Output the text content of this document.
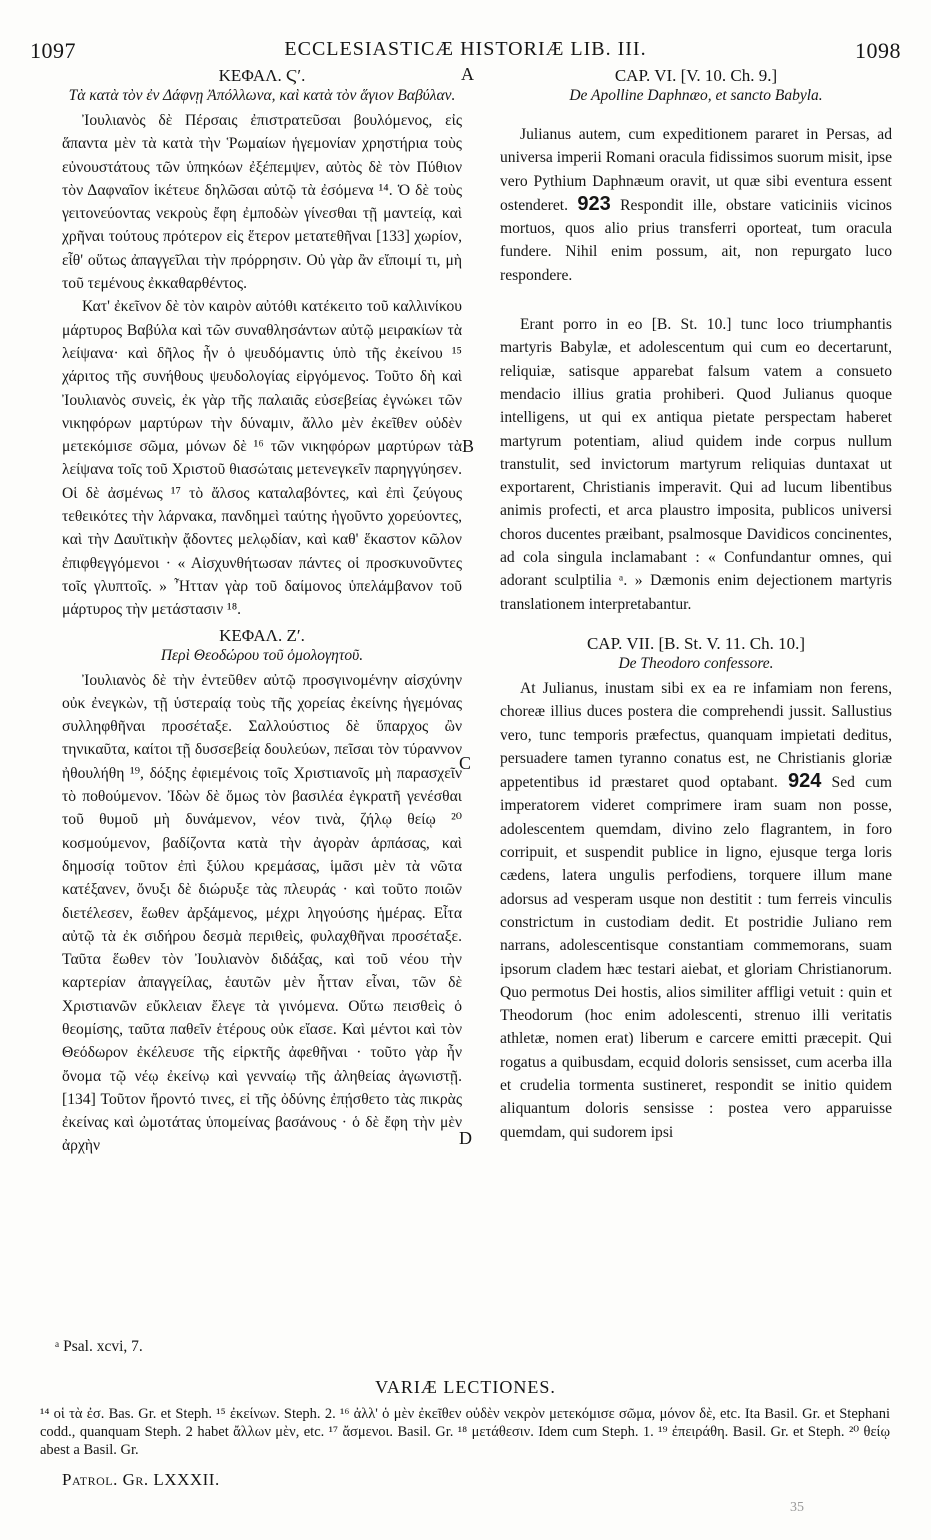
1097	ECCLESIASTICÆ HISTORIÆ LIB. III.	1098
A
B
C
D

ΚΕΦΑΛ. Ϛʹ.

Τὰ κατὰ τὸν ἐν Δάφνῃ Ἀπόλλωνα, καὶ κατὰ τὸν ἅγιον Βαβύλαν.

Ἰουλιανὸς δὲ Πέρσαις ἐπιστρατεῦσαι βουλόμενος, εἰς ἅπαντα μὲν τὰ κατὰ τὴν Ῥωμαίων ἡγεμονίαν χρηστήρια τοὺς εὐνουστάτους τῶν ὑπηκόων ἐξέπεμψεν, αὐτὸς δὲ τὸν Πύθιον τὸν Δαφναῖον ἱκέτευε δηλῶσαι αὐτῷ τὰ ἐσόμενα ¹⁴. Ὁ δὲ τοὺς γειτονεύοντας νεκροὺς ἔφη ἐμποδὼν γίνεσθαι τῇ μαντείᾳ, καὶ χρῆναι τούτους πρότερον εἰς ἕτερον μετατεθῆναι [133] χωρίον, εἶθ' οὕτως ἀπαγγεῖλαι τὴν πρόρρησιν. Οὐ γὰρ ἂν εἴποιμί τι, μὴ τοῦ τεμένους ἐκκαθαρθέντος.

Κατ' ἐκεῖνον δὲ τὸν καιρὸν αὐτόθι κατέκειτο τοῦ καλλινίκου μάρτυρος Βαβύλα καὶ τῶν συναθλησάντων αὐτῷ μειρακίων τὰ λείψανα· καὶ δῆλος ἦν ὁ ψευδόμαντις ὑπὸ τῆς ἐκείνου ¹⁵ χάριτος τῆς συνήθους ψευδολογίας εἰργόμενος. Τοῦτο δὴ καὶ Ἰουλιανὸς συνεὶς, ἐκ γὰρ τῆς παλαιᾶς εὐσεβείας ἐγνώκει τῶν νικηφόρων μαρτύρων τὴν δύναμιν, ἄλλο μὲν ἐκεῖθεν οὐδὲν μετεκόμισε σῶμα, μόνων δὲ ¹⁶ τῶν νικηφόρων μαρτύρων τὰ λείψανα τοῖς τοῦ Χριστοῦ θιασώταις μετενεγκεῖν παρηγγύησεν. Οἱ δὲ ἀσμένως ¹⁷ τὸ ἄλσος καταλαβόντες, καὶ ἐπὶ ζεύγους τεθεικότες τὴν λάρνακα, πανδημεὶ ταύτης ἡγοῦντο χορεύοντες, καὶ τὴν Δαυϊτικὴν ᾄδοντες μελῳδίαν, καὶ καθ' ἕκαστον κῶλον ἐπιφθεγγόμενοι · « Αἰσχυνθήτωσαν πάντες οἱ προσκυνοῦντες τοῖς γλυπτοῖς. » Ἦτταν γὰρ τοῦ δαίμονος ὑπελάμβανον τοῦ μάρτυρος τὴν μετάστασιν ¹⁸.

ΚΕΦΑΛ. Ζʹ.

Περὶ Θεοδώρου τοῦ ὁμολογητοῦ.

Ἰουλιανὸς δὲ τὴν ἐντεῦθεν αὐτῷ προσγινομένην αἰσχύνην οὐκ ἐνεγκὼν, τῇ ὑστεραίᾳ τοὺς τῆς χορείας ἐκείνης ἡγεμόνας συλληφθῆναι προσέταξε. Σαλλούστιος δὲ ὕπαρχος ὢν τηνικαῦτα, καίτοι τῇ δυσσεβείᾳ δουλεύων, πεῖσαι τὸν τύραννον ἠθουλήθη ¹⁹, δόξης ἐφιεμένοις τοῖς Χριστιανοῖς μὴ παρασχεῖν τὸ ποθούμενον. Ἰδὼν δὲ ὅμως τὸν βασιλέα ἐγκρατῆ γενέσθαι τοῦ θυμοῦ μὴ δυνάμενον, νέον τινὰ, ζήλῳ θείῳ ²⁰ κοσμούμενον, βαδίζοντα κατὰ τὴν ἀγορὰν ἁρπάσας, καὶ δημοσίᾳ τοῦτον ἐπὶ ξύλου κρεμάσας, ἱμᾶσι μὲν τὰ νῶτα κατέξανεν, ὄνυξι δὲ διώρυξε τὰς πλευράς · καὶ τοῦτο ποιῶν διετέλεσεν, ἕωθεν ἀρξάμενος, μέχρι ληγούσης ἡμέρας. Εἶτα αὐτῷ τὰ ἐκ σιδήρου δεσμὰ περιθεὶς, φυλαχθῆναι προσέταξε. Ταῦτα ἕωθεν τὸν Ἰουλιανὸν διδάξας, καὶ τοῦ νέου τὴν καρτερίαν ἀπαγγείλας, ἑαυτῶν μὲν ἧτταν εἶναι, τῶν δὲ Χριστιανῶν εὔκλειαν ἔλεγε τὰ γινόμενα. Οὕτω πεισθεὶς ὁ θεομίσης, ταῦτα παθεῖν ἑτέρους οὐκ εἴασε. Καὶ μέντοι καὶ τὸν Θεόδωρον ἐκέλευσε τῆς εἱρκτῆς ἀφεθῆναι · τοῦτο γὰρ ἦν ὄνομα τῷ νέῳ ἐκείνῳ καὶ γενναίῳ τῆς ἀληθείας ἀγωνιστῇ. [134] Τοῦτον ἤροντό τινες, εἰ τῆς ὀδύνης ἐπῄσθετο τὰς πικρὰς ἐκείνας καὶ ὠμοτάτας ὑπομείνας βασάνους · ὁ δὲ ἔφη τὴν μὲν ἀρχὴν

CAP. VI. [V. 10. Ch. 9.]

De Apolline Daphnæo, et sancto Babyla.

Julianus autem, cum expeditionem pararet in Persas, ad universa imperii Romani oracula fidissimos suorum misit, ipse vero Pythium Daphnæum oravit, ut quæ sibi eventura essent ostenderet. 923 Respondit ille, obstare vaticiniis vicinos mortuos, quos alio prius transferri oporteat, tum oracula fundere. Nihil enim possum, ait, non repurgato luco respondere.

Erant porro in eo [B. St. 10.] tunc loco triumphantis martyris Babylæ, et adolescentum qui cum eo decertarunt, reliquiæ, satisque apparebat falsum vatem a consueto mendacio illius gratia prohiberi. Quod Julianus quoque intelligens, ut qui ex antiqua pietate perspectam haberet martyrum potentiam, aliud quidem inde corpus nullum transtulit, sed invictorum martyrum reliquias duntaxat ut exportarent, Christianis imperavit. Qui ad lucum libentibus animis profecti, et arca plaustro imposita, publicos universi choros ducentes præibant, psalmosque Davidicos concinentes, ad cola singula inclamabant : « Confundantur omnes, qui adorant sculptilia ᵃ. » Dæmonis enim dejectionem martyris translationem interpretabantur.

CAP. VII. [B. St. V. 11. Ch. 10.]

De Theodoro confessore.

At Julianus, inustam sibi ex ea re infamiam non ferens, choreæ illius duces postera die comprehendi jussit. Sallustius vero, tunc temporis præfectus, quanquam impietati deditus, persuadere tamen tyranno conatus est, ne Christianis gloriæ appetentibus id præstaret quod optabant. 924 Sed cum imperatorem videret comprimere iram suam non posse, adolescentem quemdam, divino zelo flagrantem, in foro corripuit, et suspendit publice in ligno, ejusque terga loris cædens, latera ungulis perfodiens, torquere illum mane adorsus ad vesperam usque non destitit : tum ferreis vinculis constrictum in custodiam dedit. Et postridie Juliano rem narrans, adolescentisque constantiam commemorans, suam ipsorum cladem hæc testari aiebat, et gloriam Christianorum. Quo permotus Dei hostis, alios similiter affligi vetuit : quin et Theodorum (hoc enim adolescenti, strenuo illi veritatis athletæ, nomen erat) liberum e carcere emitti præcepit. Qui rogatus a quibusdam, ecquid doloris sensisset, cum acerba illa et crudelia tormenta sustineret, respondit se initio quidem aliquantum doloris sensisse : postea vero apparuisse quemdam, qui sudorem ipsi

ᵃ Psal. xcvi, 7.
VARIÆ LECTIONES.

¹⁴ οἱ τὰ ἐσ. Bas. Gr. et Steph. ¹⁵ ἐκείνων. Steph. 2. ¹⁶ ἀλλ' ὁ μὲν ἐκεῖθεν οὐδὲν νεκρὸν μετεκόμισε σῶμα, μόνον δὲ, etc. Ita Basil. Gr. et Stephani codd., quanquam Steph. 2 habet ἄλλων μὲν, etc. ¹⁷ ἄσμενοι. Basil. Gr. ¹⁸ μετάθεσιν. Idem cum Steph. 1. ¹⁹ ἐπειράθη. Basil. Gr. et Steph. ²⁰ θείῳ abest a Basil. Gr.

Patrol. Gr. LXXXII.
35
